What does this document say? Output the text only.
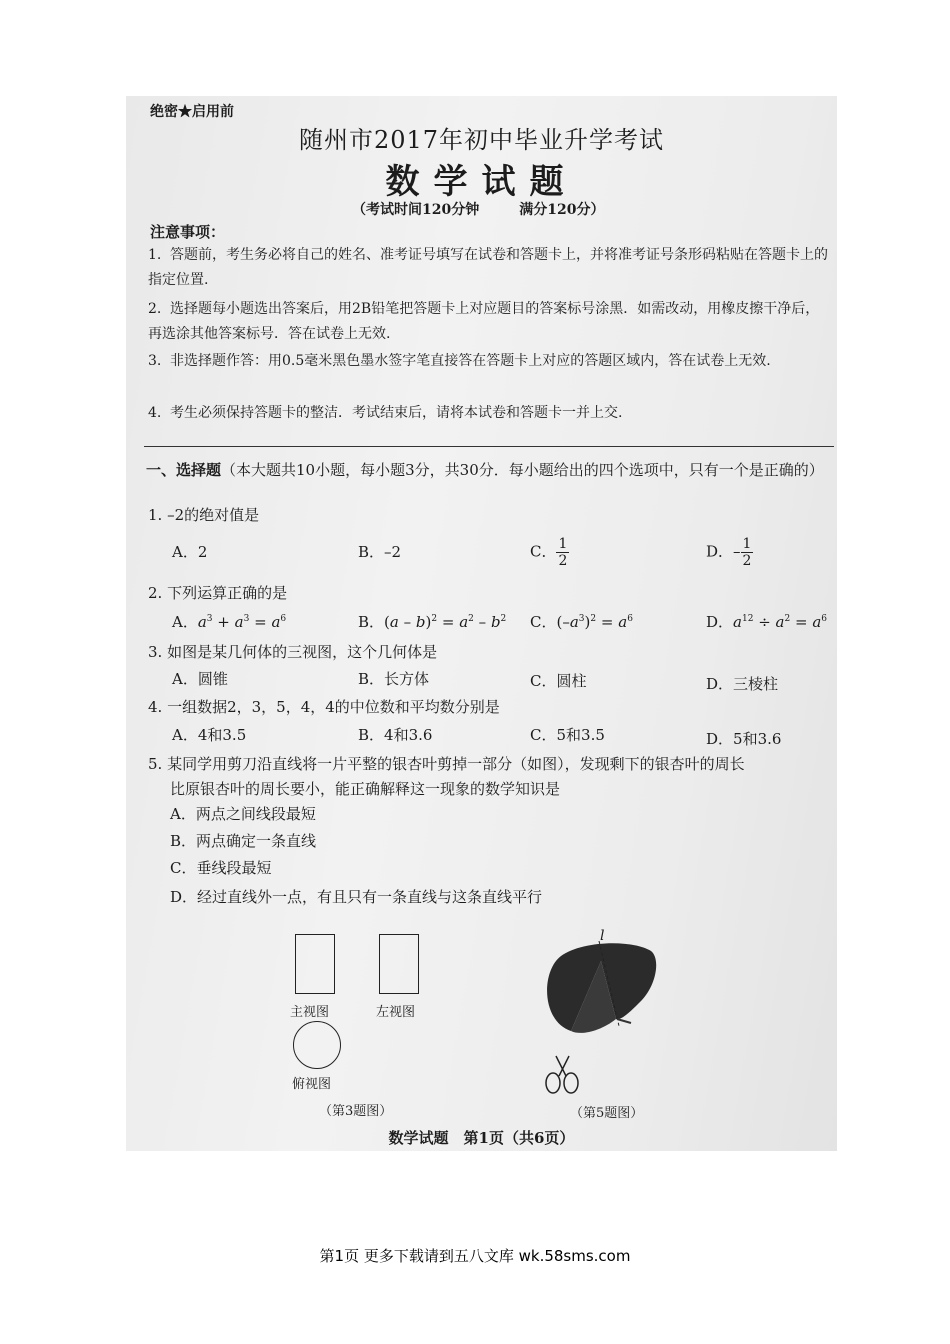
绝密★启用前
随州市2017年初中毕业升学考试
数学试题
（考试时间120分钟	满分120分）
注意事项：
1. 答题前，考生务必将自己的姓名、准考证号填写在试卷和答题卡上，并将准考证号条形码粘贴在答题卡上的指定位置.
2. 选择题每小题选出答案后，用2B铅笔把答题卡上对应题目的答案标号涂黑．如需改动，用橡皮擦干净后，再选涂其他答案标号．答在试卷上无效.
3. 非选择题作答：用0.5毫米黑色墨水签字笔直接答在答题卡上对应的答题区域内，答在试卷上无效.
4. 考生必须保持答题卡的整洁．考试结束后，请将本试卷和答题卡一并上交.
一、选择题（本大题共10小题，每小题3分，共30分．每小题给出的四个选项中，只有一个是正确的）
1. –2的绝对值是
A．2	B．–2	C． $\frac{1}{2}$	D．– $\frac{1}{2}$
2. 下列运算正确的是
A．$a^3 + a^3 = a^6$	B．$(a - b)^2 = a^2 - b^2$ C．$(-a^3)^2 = a^6$	D．$a^{12} \div a^2 = a^6$
3. 如图是某几何体的三视图，这个几何体是
A．圆锥	B．长方体	C．圆柱	D．三棱柱
4. 一组数据2，3，5，4，4的中位数和平均数分别是
A．4和3.5	B．4和3.6	C．5和3.5	D．5和3.6
5. 某同学用剪刀沿直线将一片平整的银杏叶剪掉一部分（如图），发现剩下的银杏叶的周长
比原银杏叶的周长要小，能正确解释这一现象的数学知识是
A．两点之间线段最短
B．两点确定一条直线
C．垂线段最短
D．经过直线外一点，有且只有一条直线与这条直线平行
主视图	左视图
俯视图
（第3题图）
l
（第5题图）
数学试题　第1页（共6页）
第1页 更多下载请到五八文库 wk.58sms.com
